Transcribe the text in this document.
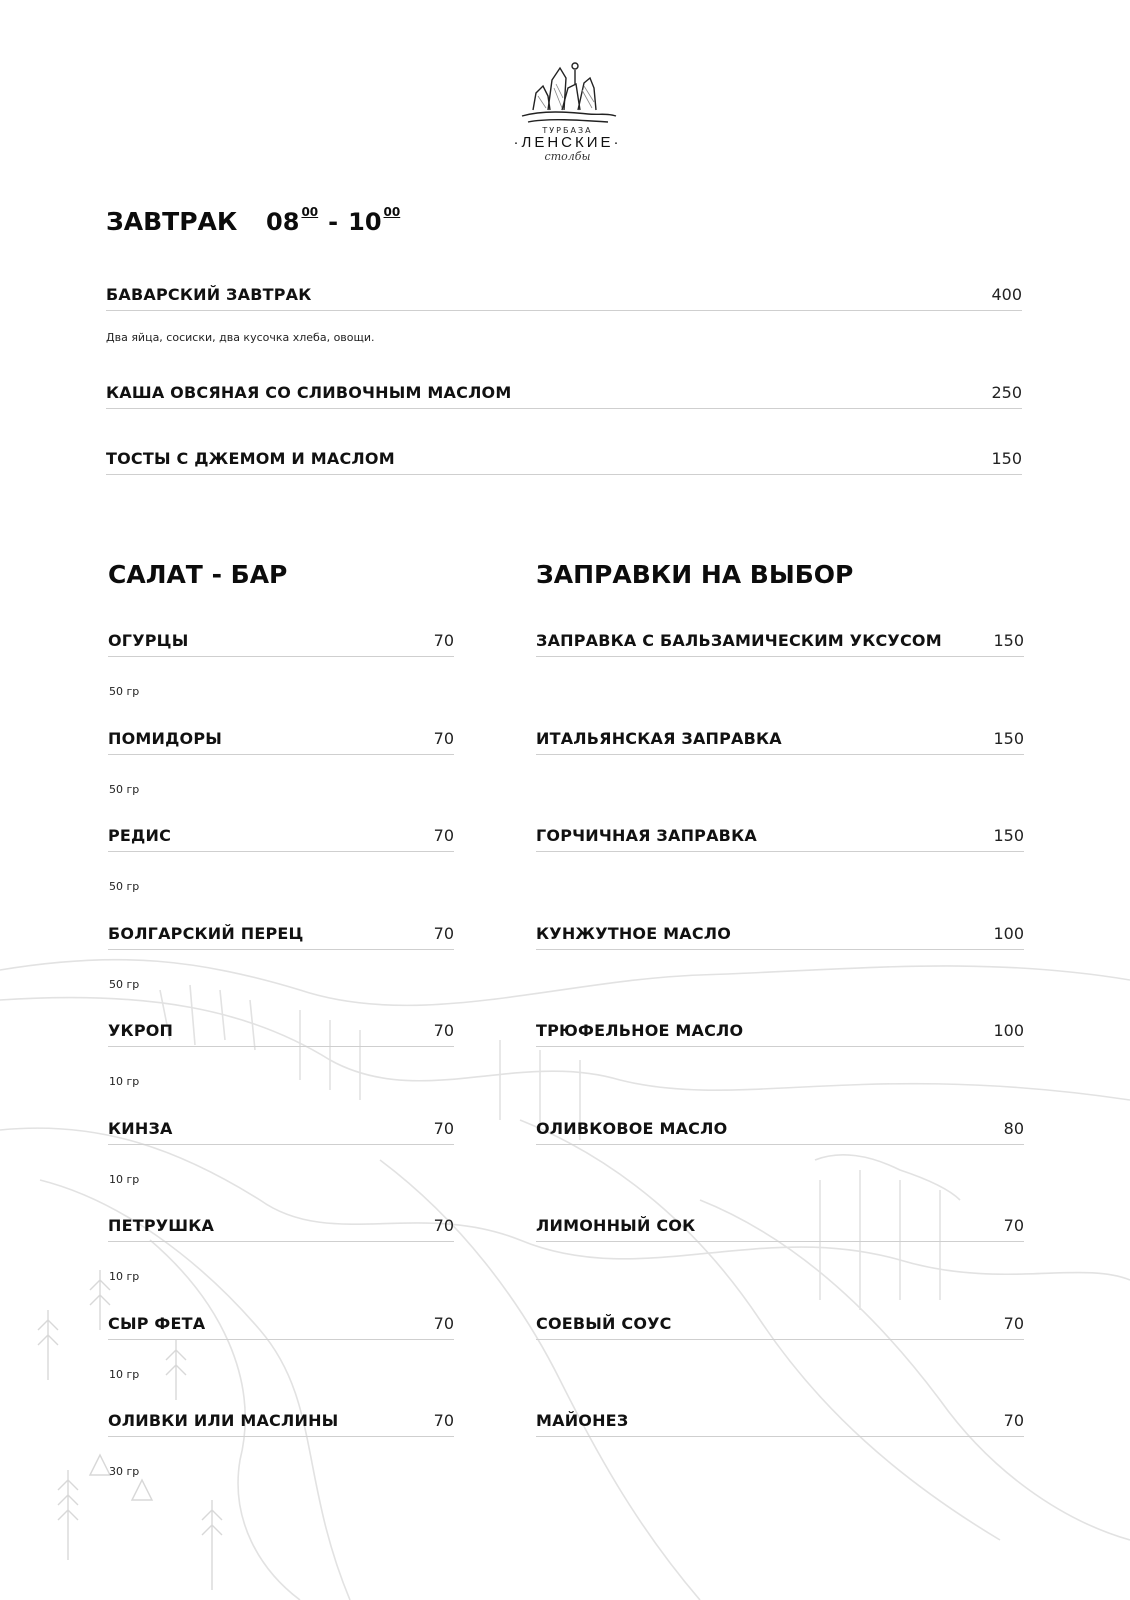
ТУРБАЗА
·ЛЕНСКИЕ·
столбы
ЗАВТРАК 08 $^{00}$ - 10 $^{00}$
БАВАРСКИЙ ЗАВТРАК	400
Два яйца, сосиски, два кусочка хлеба, овощи.
КАША ОВСЯНАЯ СО СЛИВОЧНЫМ МАСЛОМ	250
ТОСТЫ С ДЖЕМОМ И МАСЛОМ	150
САЛАТ - БАР
ОГУРЦЫ	70
50 гр
ПОМИДОРЫ	70
50 гр
РЕДИС	70
50 гр
БОЛГАРСКИЙ ПЕРЕЦ	70
50 гр
УКРОП	70
10 гр
КИНЗА	70
10 гр
ПЕТРУШКА	70
10 гр
СЫР ФЕТА	70
10 гр
ОЛИВКИ ИЛИ МАСЛИНЫ	70
30 гр
ЗАПРАВКИ НА ВЫБОР
ЗАПРАВКА С БАЛЬЗАМИЧЕСКИМ УКСУСОМ	150
ИТАЛЬЯНСКАЯ ЗАПРАВКА	150
ГОРЧИЧНАЯ ЗАПРАВКА	150
КУНЖУТНОЕ МАСЛО	100
ТРЮФЕЛЬНОЕ МАСЛО	100
ОЛИВКОВОЕ МАСЛО	80
ЛИМОННЫЙ СОК	70
СОЕВЫЙ СОУС	70
МАЙОНЕЗ	70
